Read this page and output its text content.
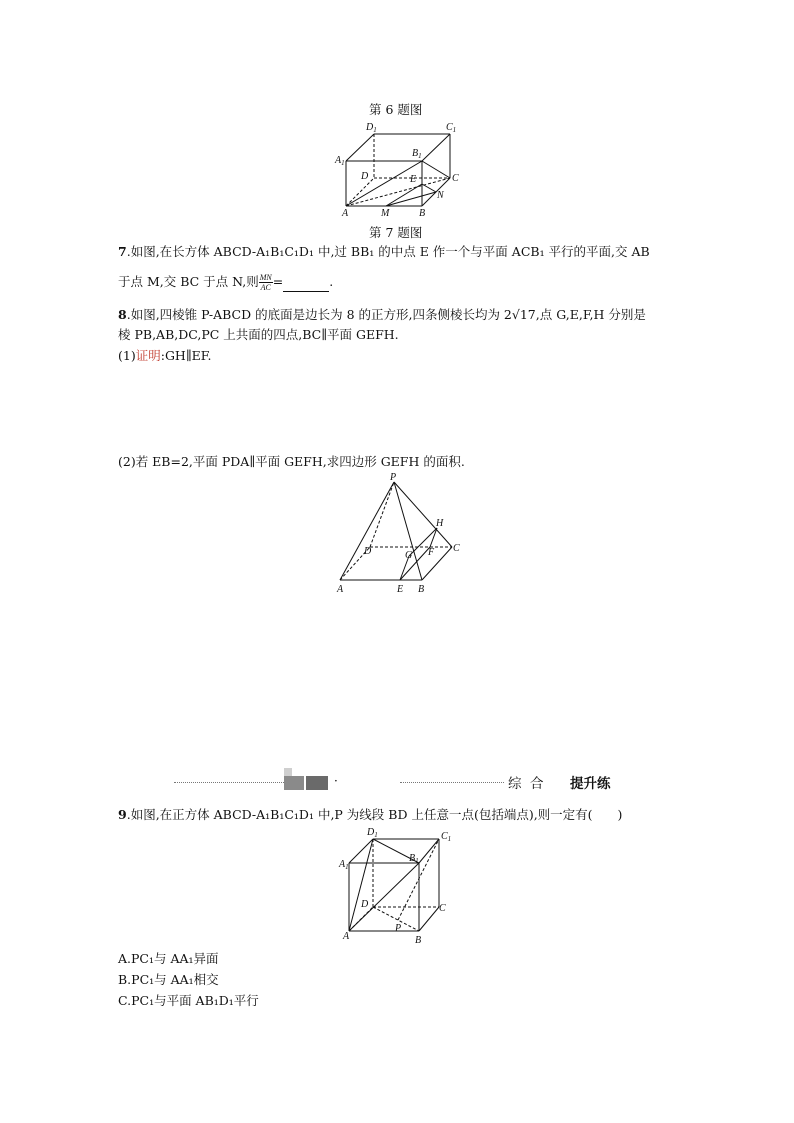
第 6 题图
$D_1$	$C_1$
$A_1$
$B_1$
D	E	C
N
A	M	B
第 7 题图
7.如图,在长方体 ABCD-A₁B₁C₁D₁ 中,过 BB₁ 的中点 E 作一个与平面 ACB₁ 平行的平面,交 AB
于点 M,交 BC 于点 N,则 $\frac{MN}{AC}$ =	.
8.如图,四棱锥 P-ABCD 的底面是边长为 8 的正方形,四条侧棱长均为 2√17,点 G,E,F,H 分别是
棱 PB,AB,DC,PC 上共面的四点,BC∥平面 GEFH.
(1)证明:GH∥EF.
(2)若 EB=2,平面 PDA∥平面 GEFH,求四边形 GEFH 的面积.
P
H
D	G F C
A	E B
·	综 合 提升练
9.如图,在正方体 ABCD-A₁B₁C₁D₁ 中,P 为线段 BD 上任意一点(包括端点),则一定有(　　)
$D_1$	$C_1$
$A_1$
$B_1$
D	C
P
A	B
A.PC₁与 AA₁异面
B.PC₁与 AA₁相交
C.PC₁与平面 AB₁D₁平行
